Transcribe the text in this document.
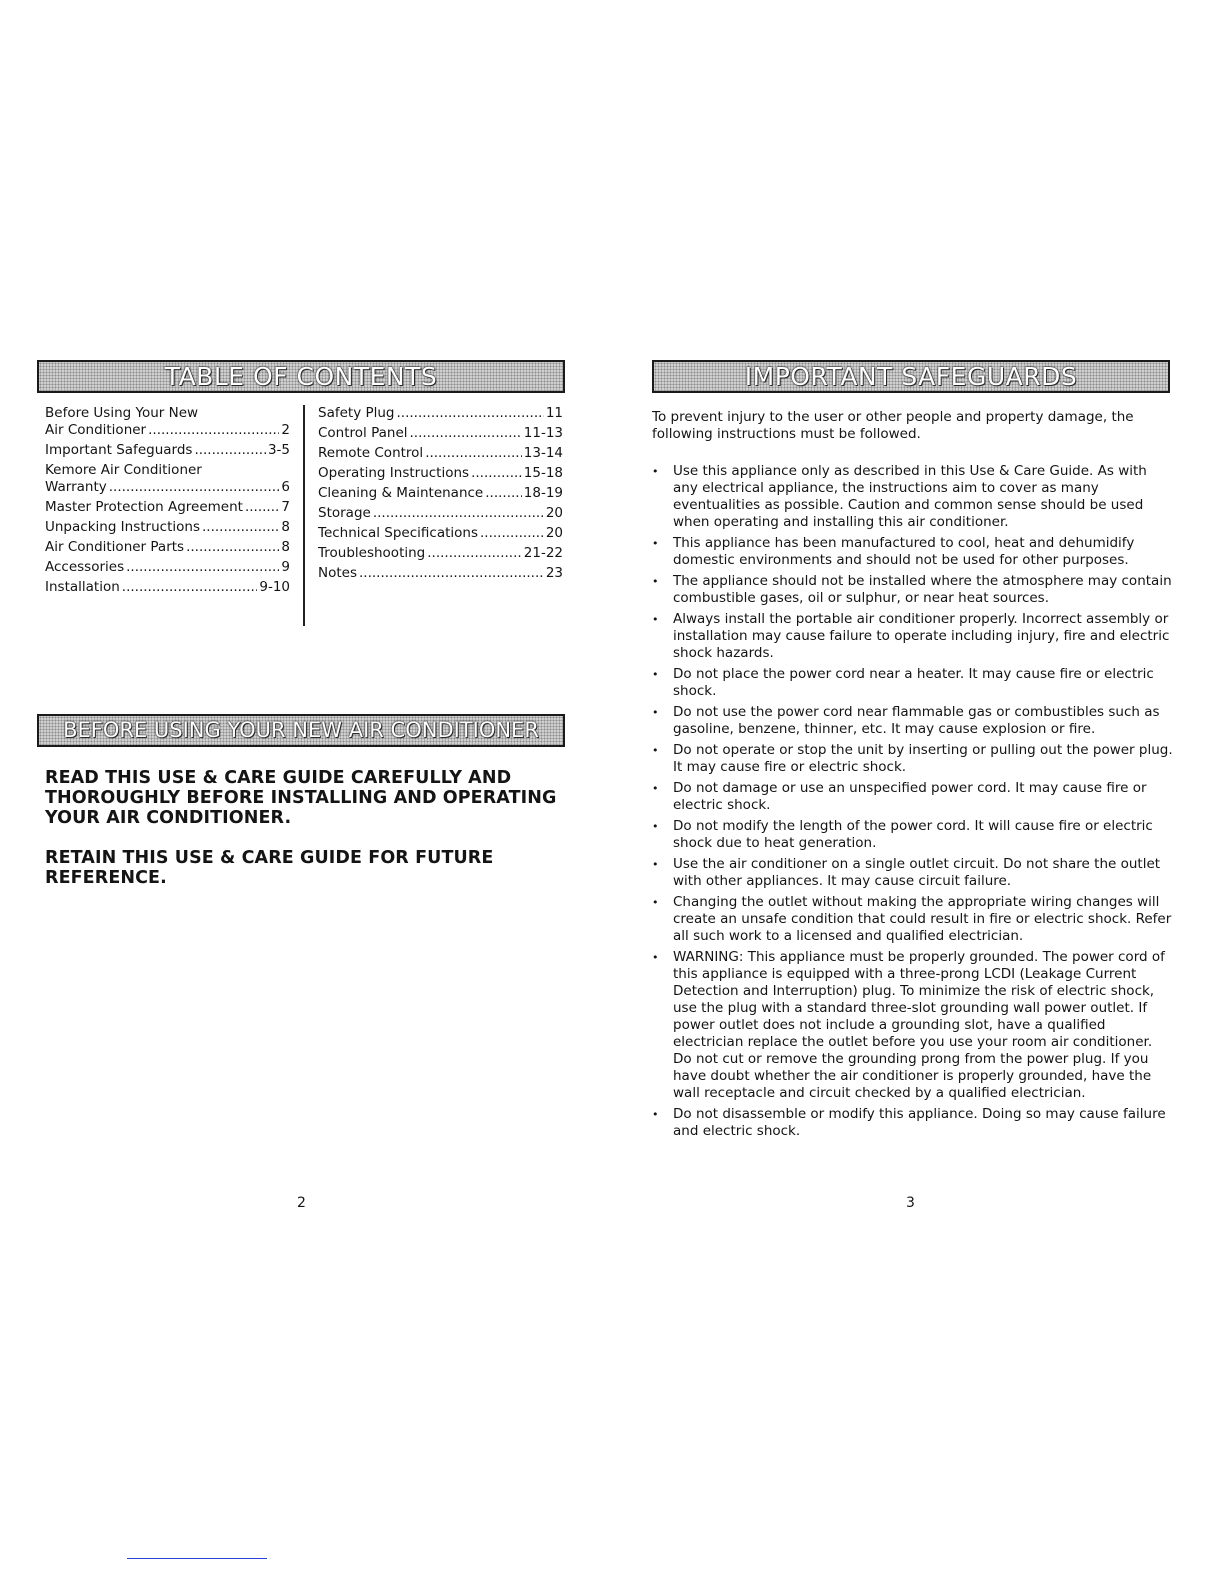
TABLE OF CONTENTS
Before Using Your New
Air Conditioner .....	2
Important Safeguards .....	3-5
Kemore Air Conditioner
Warranty .....	6
Master Protection Agreement .....	7
Unpacking Instructions .....	8
Air Conditioner Parts .....	8
Accessories .....	9
Installation .....	9-10
Safety Plug .....	11
Control Panel .....	11-13
Remote Control .....	13-14
Operating Instructions .....	15-18
Cleaning & Maintenance .....	18-19
Storage .....	20
Technical Specifications .....	20
Troubleshooting .....	21-22
Notes .....	23
BEFORE USING YOUR NEW AIR CONDITIONER
READ THIS USE & CARE GUIDE CAREFULLY AND THOROUGHLY BEFORE INSTALLING AND OPERATING YOUR AIR CONDITIONER.
RETAIN THIS USE & CARE GUIDE FOR FUTURE REFERENCE.
2
IMPORTANT SAFEGUARDS
To prevent injury to the user or other people and property damage, the following instructions must be followed.
• Use this appliance only as described in this Use & Care Guide. As with any electrical appliance, the instructions aim to cover as many eventualities as possible. Caution and common sense should be used when operating and installing this air conditioner.
• This appliance has been manufactured to cool, heat and dehumidify domestic environments and should not be used for other purposes.
• The appliance should not be installed where the atmosphere may contain combustible gases, oil or sulphur, or near heat sources.
• Always install the portable air conditioner properly. Incorrect assembly or installation may cause failure to operate including injury, fire and electric shock hazards.
• Do not place the power cord near a heater. It may cause fire or electric shock.
• Do not use the power cord near flammable gas or combustibles such as gasoline, benzene, thinner, etc. It may cause explosion or fire.
• Do not operate or stop the unit by inserting or pulling out the power plug. It may cause fire or electric shock.
• Do not damage or use an unspecified power cord. It may cause fire or electric shock.
• Do not modify the length of the power cord. It will cause fire or electric shock due to heat generation.
• Use the air conditioner on a single outlet circuit. Do not share the outlet with other appliances. It may cause circuit failure.
• Changing the outlet without making the appropriate wiring changes will create an unsafe condition that could result in fire or electric shock. Refer all such work to a licensed and qualified electrician.
• WARNING: This appliance must be properly grounded. The power cord of this appliance is equipped with a three-prong LCDI (Leakage Current Detection and Interruption) plug. To minimize the risk of electric shock, use the plug with a standard three-slot grounding wall power outlet. If power outlet does not include a grounding slot, have a qualified electrician replace the outlet before you use your room air conditioner. Do not cut or remove the grounding prong from the power plug. If you have doubt whether the air conditioner is properly grounded, have the wall receptacle and circuit checked by a qualified electrician.
• Do not disassemble or modify this appliance. Doing so may cause failure and electric shock.
3
